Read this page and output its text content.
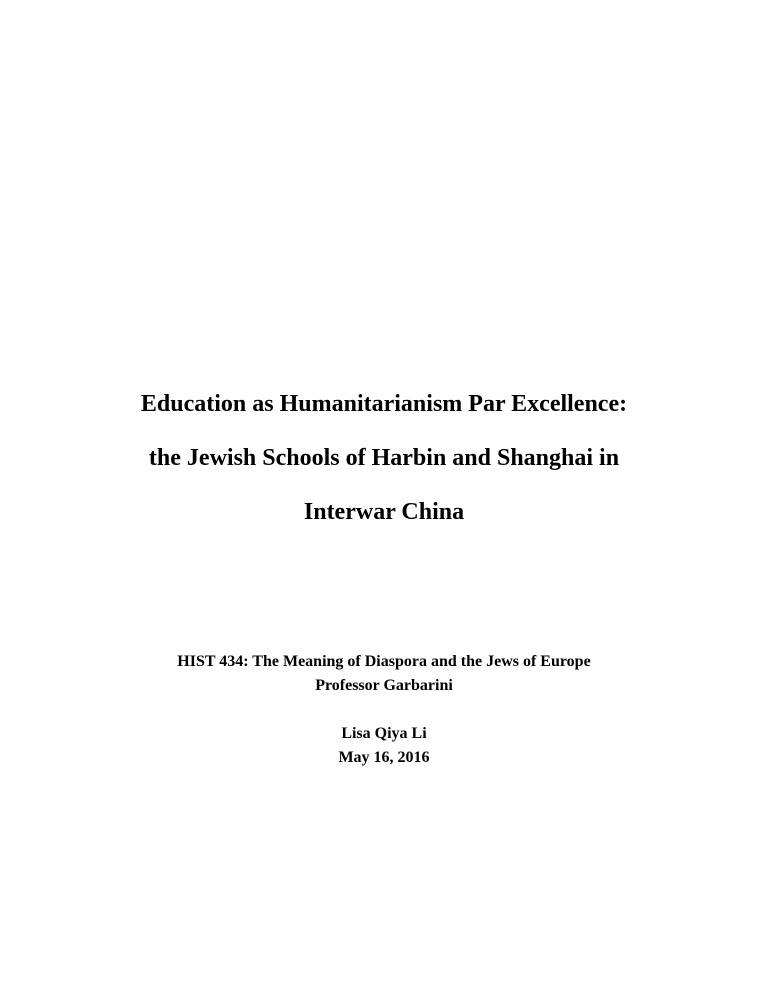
Education as Humanitarianism Par Excellence:
the Jewish Schools of Harbin and Shanghai in
Interwar China
HIST 434: The Meaning of Diaspora and the Jews of Europe
Professor Garbarini
Lisa Qiya Li
May 16, 2016
